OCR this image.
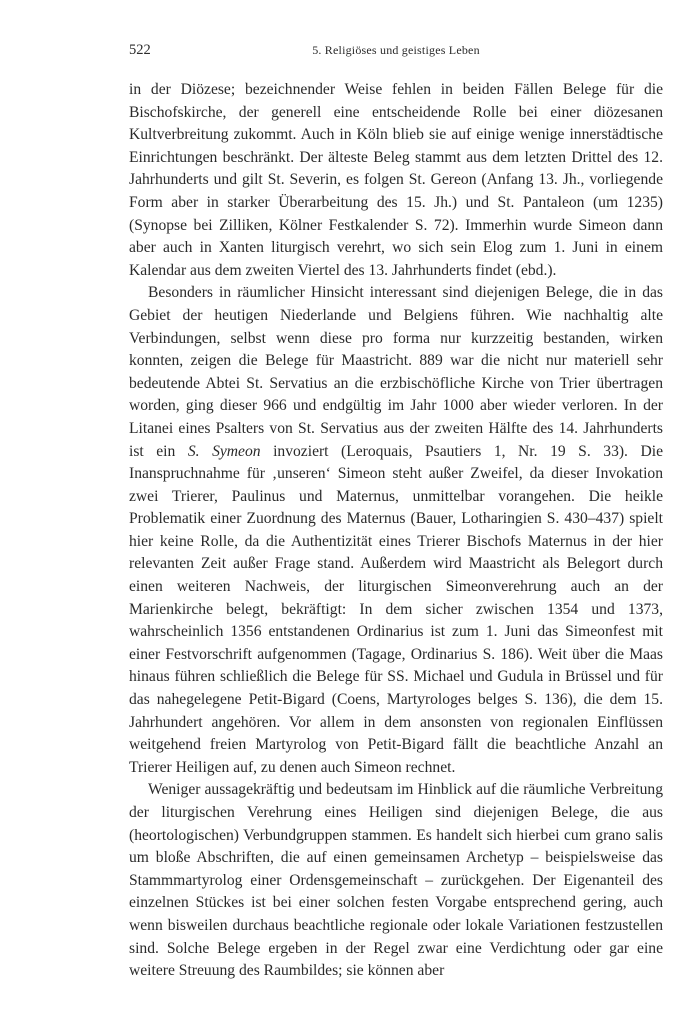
522	5. Religiöses und geistiges Leben

in der Diözese; bezeichnender Weise fehlen in beiden Fällen Belege für die Bischofskirche, der generell eine entscheidende Rolle bei einer diözesanen Kultverbreitung zukommt. Auch in Köln blieb sie auf einige wenige innerstädtische Einrichtungen beschränkt. Der älteste Beleg stammt aus dem letzten Drittel des 12. Jahrhunderts und gilt St. Severin, es folgen St. Gereon (Anfang 13. Jh., vorliegende Form aber in starker Überarbeitung des 15. Jh.) und St. Pantaleon (um 1235) (Synopse bei Zilliken, Kölner Festkalender S. 72). Immerhin wurde Simeon dann aber auch in Xanten liturgisch verehrt, wo sich sein Elog zum 1. Juni in einem Kalendar aus dem zweiten Viertel des 13. Jahrhunderts findet (ebd.).

Besonders in räumlicher Hinsicht interessant sind diejenigen Belege, die in das Gebiet der heutigen Niederlande und Belgiens führen. Wie nachhaltig alte Verbindungen, selbst wenn diese pro forma nur kurzzeitig bestanden, wirken konnten, zeigen die Belege für Maastricht. 889 war die nicht nur materiell sehr bedeutende Abtei St. Servatius an die erzbischöfliche Kirche von Trier übertragen worden, ging dieser 966 und endgültig im Jahr 1000 aber wieder verloren. In der Litanei eines Psalters von St. Servatius aus der zweiten Hälfte des 14. Jahrhunderts ist ein S. Symeon invoziert (Leroquais, Psautiers 1, Nr. 19 S. 33). Die Inanspruchnahme für ‚unseren‘ Simeon steht außer Zweifel, da dieser Invokation zwei Trierer, Paulinus und Maternus, unmittelbar vorangehen. Die heikle Problematik einer Zuordnung des Maternus (Bauer, Lotharingien S. 430–437) spielt hier keine Rolle, da die Authentizität eines Trierer Bischofs Maternus in der hier relevanten Zeit außer Frage stand. Außerdem wird Maastricht als Belegort durch einen weiteren Nachweis, der liturgischen Simeonverehrung auch an der Marienkirche belegt, bekräftigt: In dem sicher zwischen 1354 und 1373, wahrscheinlich 1356 entstandenen Ordinarius ist zum 1. Juni das Simeonfest mit einer Festvorschrift aufgenommen (Tagage, Ordinarius S. 186). Weit über die Maas hinaus führen schließlich die Belege für SS. Michael und Gudula in Brüssel und für das nahegelegene Petit-Bigard (Coens, Martyrologes belges S. 136), die dem 15. Jahrhundert angehören. Vor allem in dem ansonsten von regionalen Einflüssen weitgehend freien Martyrolog von Petit-Bigard fällt die beachtliche Anzahl an Trierer Heiligen auf, zu denen auch Simeon rechnet.

Weniger aussagekräftig und bedeutsam im Hinblick auf die räumliche Verbreitung der liturgischen Verehrung eines Heiligen sind diejenigen Belege, die aus (heortologischen) Verbundgruppen stammen. Es handelt sich hierbei cum grano salis um bloße Abschriften, die auf einen gemeinsamen Archetyp – beispielsweise das Stammmartyrolog einer Ordensgemeinschaft – zurückgehen. Der Eigenanteil des einzelnen Stückes ist bei einer solchen festen Vorgabe entsprechend gering, auch wenn bisweilen durchaus beachtliche regionale oder lokale Variationen festzustellen sind. Solche Belege ergeben in der Regel zwar eine Verdichtung oder gar eine weitere Streuung des Raumbildes; sie können aber
